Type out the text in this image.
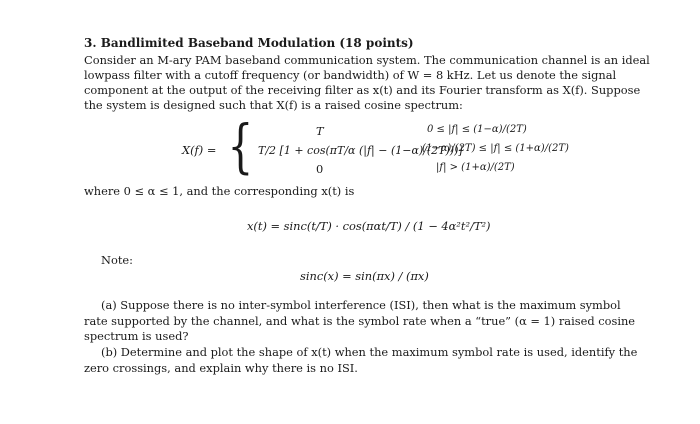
3. Bandlimited Baseband Modulation (18 points)
Consider an M-ary PAM baseband communication system. The communication channel is an ideal
lowpass filter with a cutoff frequency (or bandwidth) of W = 8 kHz. Let us denote the signal
component at the output of the receiving filter as x(t) and its Fourier transform as X(f). Suppose
the system is designed such that X(f) is a raised cosine spectrum:
X(f) = {	T
T/2 [1 + cos(πT/α (|f| − (1−α)/(2T)))]
0
0 ≤ |f| ≤ (1−α)/(2T)
(1−α)/(2T) ≤ |f| ≤ (1+α)/(2T)
|f| > (1+α)/(2T)
where 0 ≤ α ≤ 1, and the corresponding x(t) is
x(t) = sinc(t/T) · cos(παt/T) / (1 − 4α²t²/T²)
Note:
sinc(x) = sin(πx) / (πx)
(a) Suppose there is no inter-symbol interference (ISI), then what is the maximum symbol
rate supported by the channel, and what is the symbol rate when a “true” (α = 1) raised cosine
spectrum is used?
(b) Determine and plot the shape of x(t) when the maximum symbol rate is used, identify the
zero crossings, and explain why there is no ISI.
